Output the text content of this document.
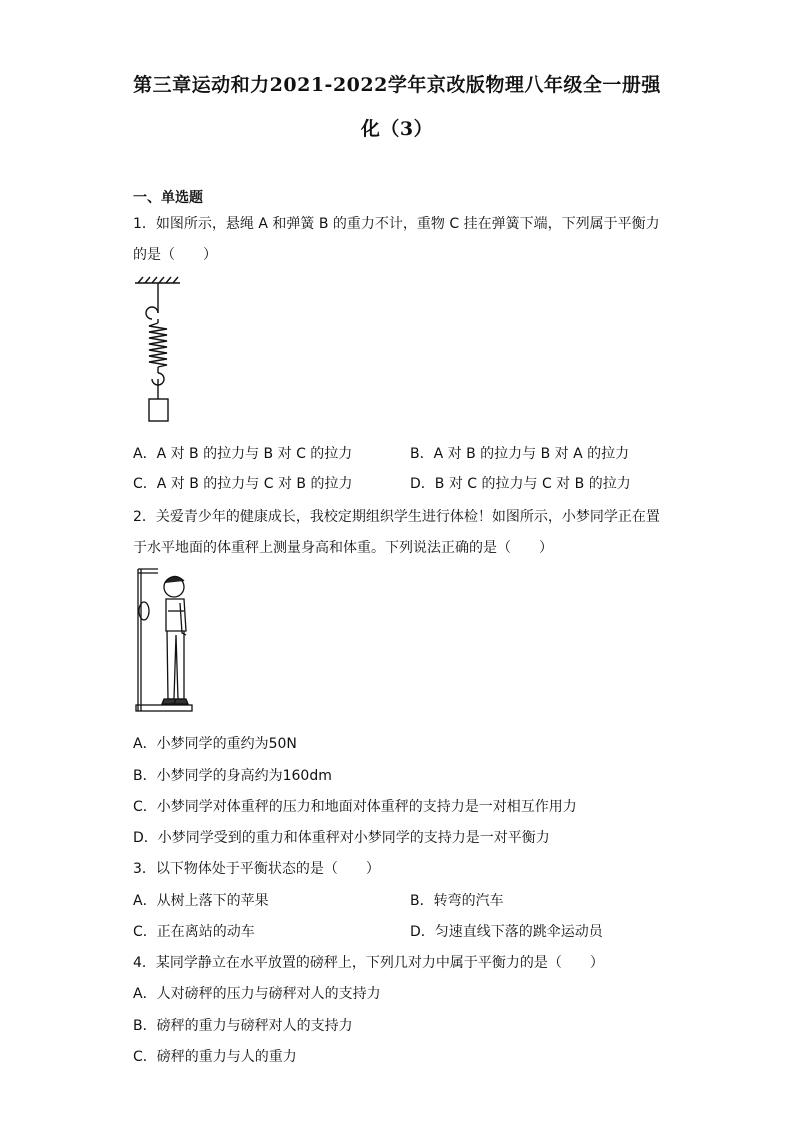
第三章运动和力2021-2022学年京改版物理八年级全一册强
化（3）
一、单选题
1．如图所示，悬绳 A 和弹簧 B 的重力不计，重物 C 挂在弹簧下端，下列属于平衡力
的是（　　）
A．A 对 B 的拉力与 B 对 C 的拉力	B．A 对 B 的拉力与 B 对 A 的拉力
C．A 对 B 的拉力与 C 对 B 的拉力	D．B 对 C 的拉力与 C 对 B 的拉力
2．关爱青少年的健康成长，我校定期组织学生进行体检！如图所示，小梦同学正在置
于水平地面的体重秤上测量身高和体重。下列说法正确的是（　　）
A．小梦同学的重约为50N
B．小梦同学的身高约为160dm
C．小梦同学对体重秤的压力和地面对体重秤的支持力是一对相互作用力
D．小梦同学受到的重力和体重秤对小梦同学的支持力是一对平衡力
3．以下物体处于平衡状态的是（　　）
A．从树上落下的苹果	B．转弯的汽车
C．正在离站的动车	D．匀速直线下落的跳伞运动员
4．某同学静立在水平放置的磅秤上，下列几对力中属于平衡力的是（　　）
A．人对磅秤的压力与磅秤对人的支持力
B．磅秤的重力与磅秤对人的支持力
C．磅秤的重力与人的重力
